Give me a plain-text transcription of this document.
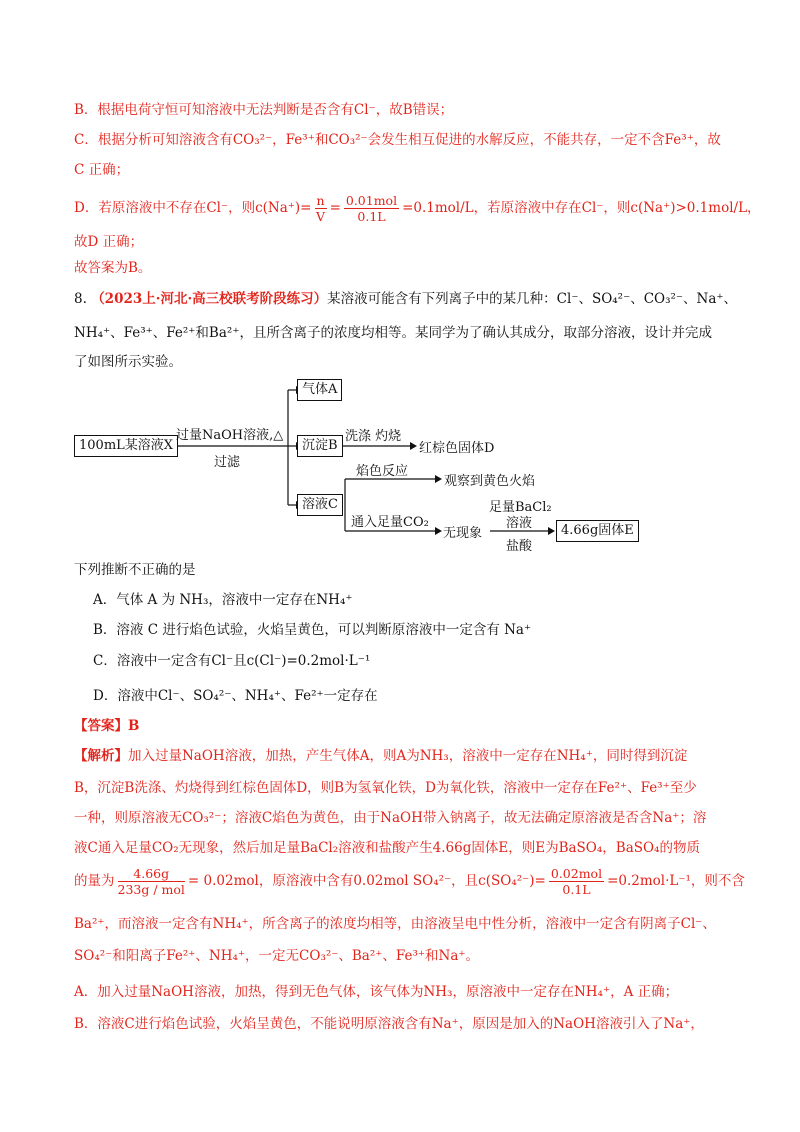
B．根据电荷守恒可知溶液中无法判断是否含有Cl⁻，故B错误；
C．根据分析可知溶液含有CO₃²⁻，Fe³⁺和CO₃²⁻会发生相互促进的水解反应，不能共存，一定不含Fe³⁺，故
C 正确；
D．若原溶液中不存在Cl⁻，则$c(Na^+)= \frac{n}{V} = \frac{\text{0.01mol}}{0.1L} =0.1mol/L$，若原溶液中存在Cl⁻，则c(Na⁺)>0.1mol/L，
故D 正确；
故答案为B。
8. （2023上·河北·高三校联考阶段练习）某溶液可能含有下列离子中的某几种：Cl⁻、SO₄²⁻、CO₃²⁻、Na⁺、
NH₄⁺、Fe³⁺、Fe²⁺和Ba²⁺，且所含离子的浓度均相等。某同学为了确认其成分，取部分溶液，设计并完成
了如图所示实验。
100mL某溶液X
过量NaOH溶液,△
过滤
气体A
沉淀B
洗涤 灼烧
红棕色固体D
溶液C
焰色反应
观察到黄色火焰
通入足量CO₂
无现象
足量BaCl₂
溶液
盐酸
4.66g固体E
下列推断不正确的是
A．气体 A 为 NH₃，溶液中一定存在NH₄⁺
B．溶液 C 进行焰色试验，火焰呈黄色，可以判断原溶液中一定含有 Na⁺
C．溶液中一定含有Cl⁻且c(Cl⁻)=0.2mol·L⁻¹
D．溶液中Cl⁻、SO₄²⁻、NH₄⁺、Fe²⁺一定存在
【答案】B
【解析】加入过量NaOH溶液，加热，产生气体A，则A为NH₃，溶液中一定存在NH₄⁺，同时得到沉淀
B，沉淀B洗涤、灼烧得到红棕色固体D，则B为氢氧化铁，D为氧化铁，溶液中一定存在Fe²⁺、Fe³⁺至少
一种，则原溶液无CO₃²⁻；溶液C焰色为黄色，由于NaOH带入钠离子，故无法确定原溶液是否含Na⁺；溶
液C通入足量CO₂无现象，然后加足量BaCl₂溶液和盐酸产生4.66g固体E，则E为BaSO₄，BaSO₄的物质
的量为 $\frac{4.66g}{\text{233g / mol}} = 0.02mol$，原溶液中含有0.02mol SO₄²⁻，且$c(SO_4^{2-})= \frac{\text{0.02mol}}{0.1L} =0.2mol\cdot L^{-1}$，则不含
Ba²⁺，而溶液一定含有NH₄⁺，所含离子的浓度均相等，由溶液呈电中性分析，溶液中一定含有阴离子Cl⁻、
SO₄²⁻和阳离子Fe²⁺、NH₄⁺，一定无CO₃²⁻、Ba²⁺、Fe³⁺和Na⁺。
A．加入过量NaOH溶液，加热，得到无色气体，该气体为NH₃，原溶液中一定存在NH₄⁺，A 正确；
B．溶液C进行焰色试验，火焰呈黄色，不能说明原溶液含有Na⁺，原因是加入的NaOH溶液引入了Na⁺，
